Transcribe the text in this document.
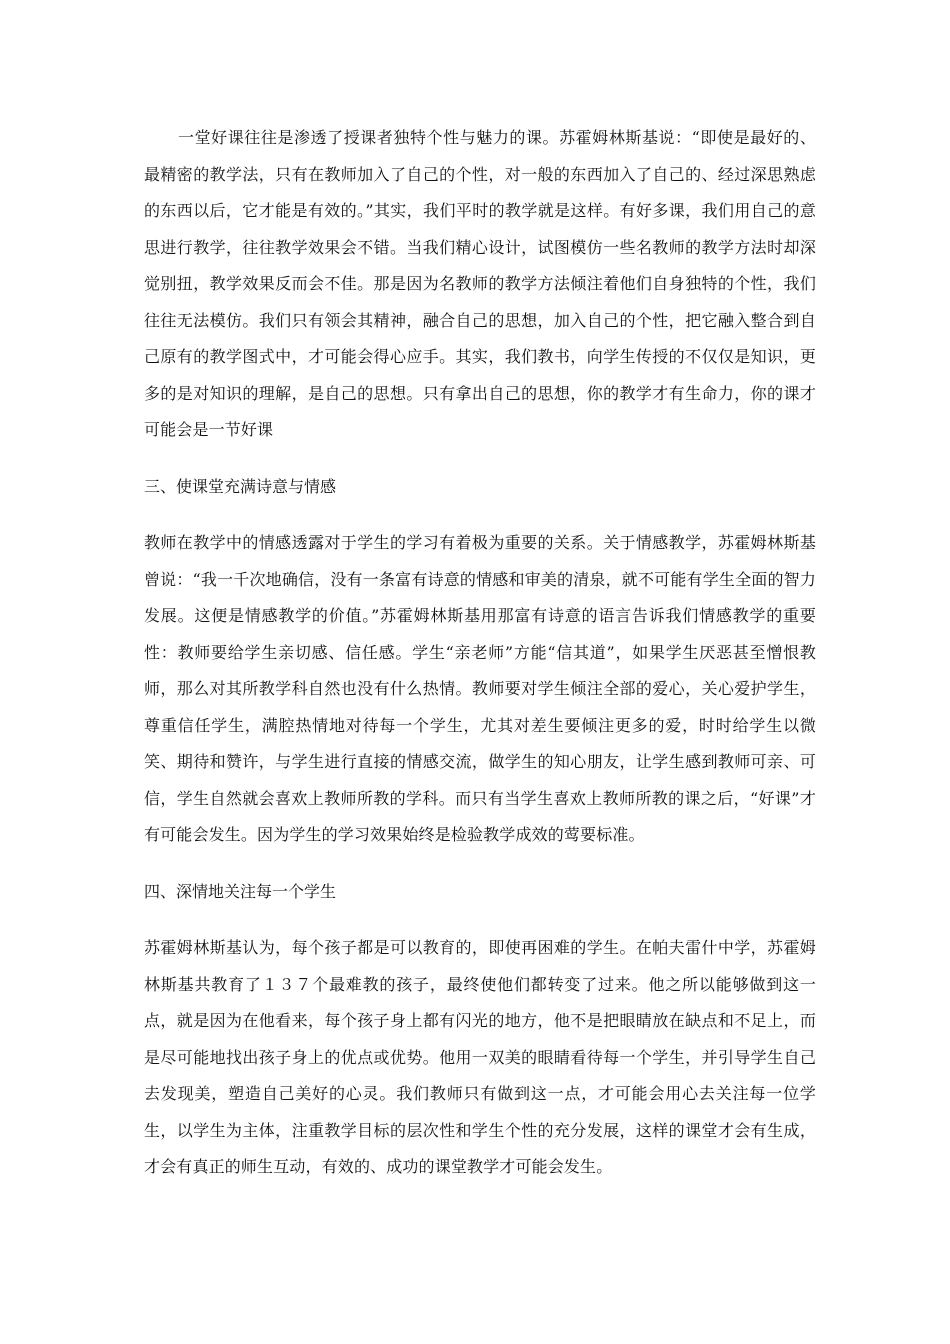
一堂好课往往是渗透了授课者独特个性与魅力的课。苏霍姆林斯基说：“即使是最好的、最精密的教学法，只有在教师加入了自己的个性，对一般的东西加入了自己的、经过深思熟虑的东西以后，它才能是有效的。”其实，我们平时的教学就是这样。有好多课，我们用自己的意思进行教学，往往教学效果会不错。当我们精心设计，试图模仿一些名教师的教学方法时却深觉别扭，教学效果反而会不佳。那是因为名教师的教学方法倾注着他们自身独特的个性，我们往往无法模仿。我们只有领会其精神，融合自己的思想，加入自己的个性，把它融入整合到自己原有的教学图式中，才可能会得心应手。其实，我们教书，向学生传授的不仅仅是知识，更多的是对知识的理解，是自己的思想。只有拿出自己的思想，你的教学才有生命力，你的课才可能会是一节好课

三、使课堂充满诗意与情感

教师在教学中的情感透露对于学生的学习有着极为重要的关系。关于情感教学，苏霍姆林斯基曾说：“我一千次地确信，没有一条富有诗意的情感和审美的清泉，就不可能有学生全面的智力发展。这便是情感教学的价值。”苏霍姆林斯基用那富有诗意的语言告诉我们情感教学的重要性：教师要给学生亲切感、信任感。学生“亲老师”方能“信其道”，如果学生厌恶甚至憎恨教师，那么对其所教学科自然也没有什么热情。教师要对学生倾注全部的爱心，关心爱护学生，尊重信任学生，满腔热情地对待每一个学生，尤其对差生要倾注更多的爱，时时给学生以微笑、期待和赞许，与学生进行直接的情感交流，做学生的知心朋友，让学生感到教师可亲、可信，学生自然就会喜欢上教师所教的学科。而只有当学生喜欢上教师所教的课之后，“好课”才有可能会发生。因为学生的学习效果始终是检验教学成效的莺要标准。

四、深情地关注每一个学生

苏霍姆林斯基认为，每个孩子都是可以教育的，即使再困难的学生。在帕夫雷什中学，苏霍姆林斯基共教育了１３７个最难教的孩子，最终使他们都转变了过来。他之所以能够做到这一点，就是因为在他看来，每个孩子身上都有闪光的地方，他不是把眼睛放在缺点和不足上，而是尽可能地找出孩子身上的优点或优势。他用一双美的眼睛看待每一个学生，并引导学生自己去发现美，塑造自己美好的心灵。我们教师只有做到这一点，才可能会用心去关注每一位学生，以学生为主体，注重教学目标的层次性和学生个性的充分发展，这样的课堂才会有生成，才会有真正的师生互动，有效的、成功的课堂教学才可能会发生。
